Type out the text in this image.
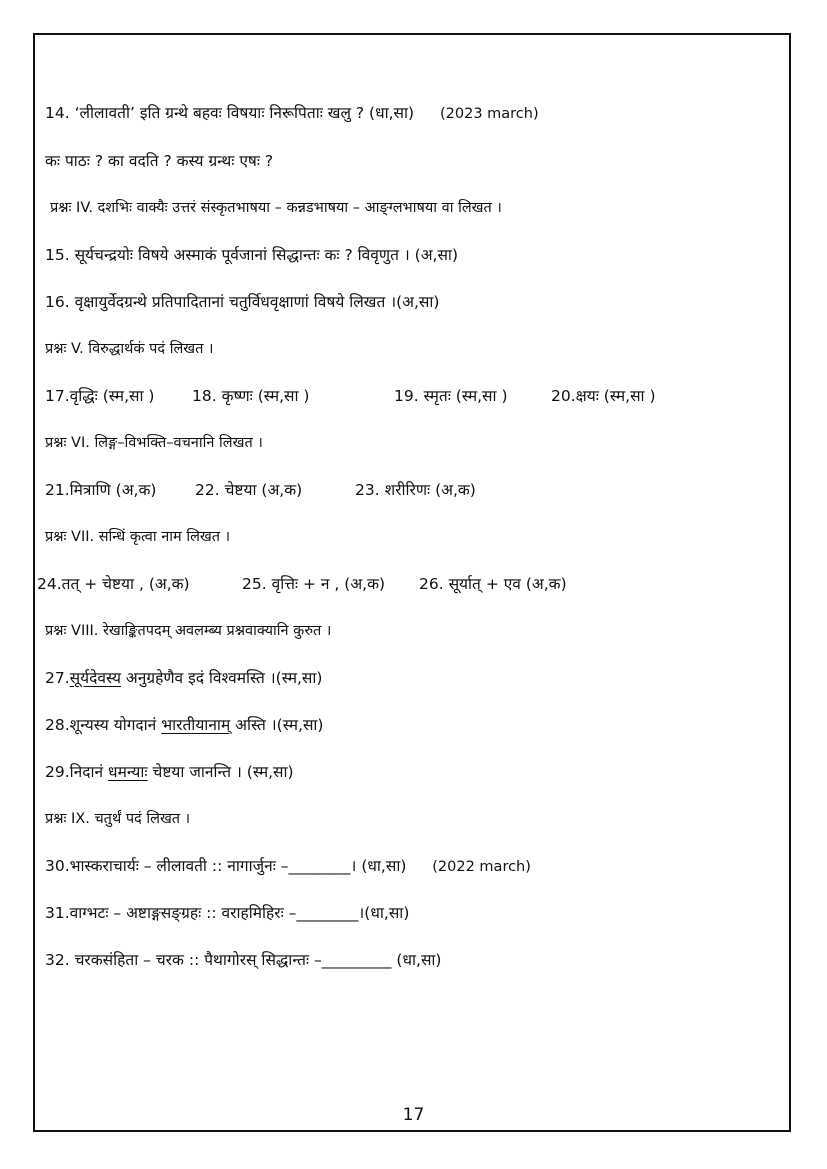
14. ‘लीलावती’ इति ग्रन्थे बहवः विषयाः निरूपिताः खलु ? (धा,सा) (2023 march)
कः पाठः ? का वदति ? कस्य ग्रन्थः एषः ?
प्रश्नः IV. दशभिः वाक्यैः उत्तरं संस्कृतभाषया – कन्नडभाषया – आङ्ग्लभाषया वा लिखत ।
15. सूर्यचन्द्रयोः विषये अस्माकं पूर्वजानां सिद्धान्तः कः ? विवृणुत । (अ,सा)
16. वृक्षायुर्वेदग्रन्थे प्रतिपादितानां चतुर्विधवृक्षाणां विषये लिखत ।(अ,सा)
प्रश्नः V. विरुद्धार्थकं पदं लिखत ।
17.वृद्धिः (स्म,सा ) 18. कृष्णः (स्म,सा )	19. स्मृतः (स्म,सा )	20.क्षयः (स्म,सा )
प्रश्नः VI. लिङ्ग–विभक्ति–वचनानि लिखत ।
21.मित्राणि (अ,क) 22. चेष्टया (अ,क)	23. शरीरिणः (अ,क)
प्रश्नः VII. सन्धिं कृत्वा नाम लिखत ।
24.तत् + चेष्टया , (अ,क)	25. वृत्तिः + न , (अ,क) 26. सूर्यात् + एव (अ,क)
प्रश्नः VIII. रेखाङ्कितपदम् अवलम्ब्य प्रश्नवाक्यानि कुरुत ।
27.सूर्यदेवस्य अनुग्रहेणैव इदं विश्वमस्ति ।(स्म,सा)
28.शून्यस्य योगदानं भारतीयानाम् अस्ति ।(स्म,सा)
29.निदानं धमन्याः चेष्टया जानन्ति । (स्म,सा)
प्रश्नः IX. चतुर्थं पदं लिखत ।
30.भास्कराचार्यः – लीलावती :: नागार्जुनः –________। (धा,सा) (2022 march)
31.वाग्भटः – अष्टाङ्गसङ्ग्रहः :: वराहमिहिरः –________।(धा,सा)
32. चरकसंहिता – चरक :: पैथागोरस् सिद्धान्तः –_________ (धा,सा)
17
